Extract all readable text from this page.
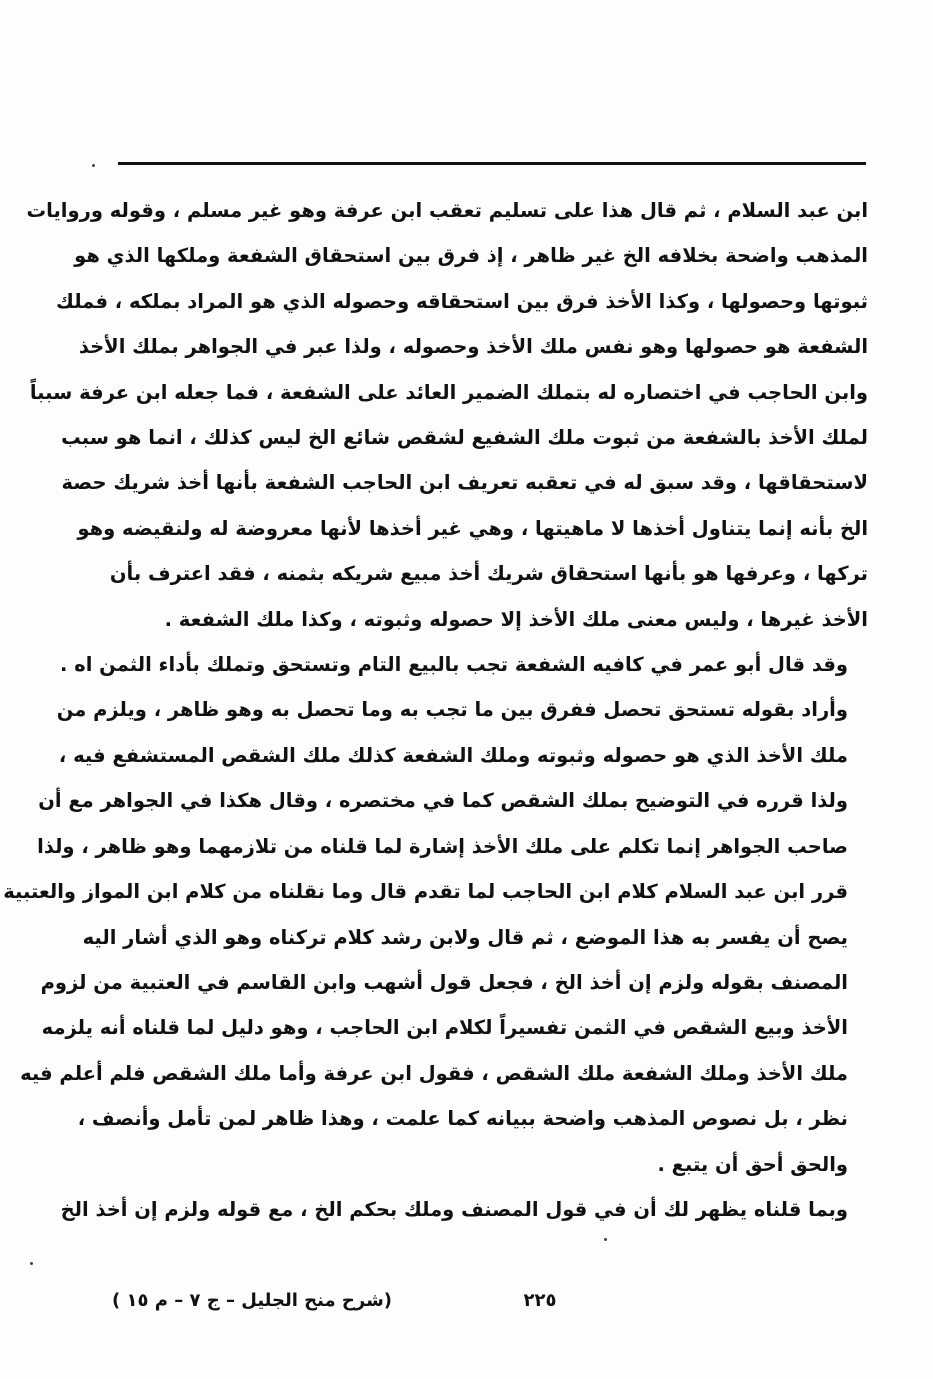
ابن عبد السلام ، ثم قال هذا على تسليم تعقب ابن عرفة وهو غير مسلم ، وقوله وروايات
المذهب واضحة بخلافه الخ غير ظاهر ، إذ فرق بين استحقاق الشفعة وملكها الذي هو
ثبوتها وحصولها ، وكذا الأخذ فرق بين استحقاقه وحصوله الذي هو المراد بملكه ، فملك
الشفعة هو حصولها وهو نفس ملك الأخذ وحصوله ، ولذا عبر في الجواهر بملك الأخذ
وابن الحاجب في اختصاره له بتملك الضمير العائد على الشفعة ، فما جعله ابن عرفة سبباً
لملك الأخذ بالشفعة من ثبوت ملك الشفيع لشقص شائع الخ ليس كذلك ، انما هو سبب
لاستحقاقها ، وقد سبق له في تعقبه تعريف ابن الحاجب الشفعة بأنها أخذ شريك حصة
الخ بأنه إنما يتناول أخذها لا ماهيتها ، وهي غير أخذها لأنها معروضة له ولنقيضه وهو
تركها ، وعرفها هو بأنها استحقاق شريك أخذ مبيع شريكه بثمنه ، فقد اعترف بأن
الأخذ غيرها ، وليس معنى ملك الأخذ إلا حصوله وثبوته ، وكذا ملك الشفعة .
وقد قال أبو عمر في كافيه الشفعة تجب بالبيع التام وتستحق وتملك بأداء الثمن اه .
وأراد بقوله تستحق تحصل ففرق بين ما تجب به وما تحصل به وهو ظاهر ، ويلزم من
ملك الأخذ الذي هو حصوله وثبوته وملك الشفعة كذلك ملك الشقص المستشفع فيه ،
ولذا قرره في التوضيح بملك الشقص كما في مختصره ، وقال هكذا في الجواهر مع أن
صاحب الجواهر إنما تكلم على ملك الأخذ إشارة لما قلناه من تلازمهما وهو ظاهر ، ولذا
قرر ابن عبد السلام كلام ابن الحاجب لما تقدم قال وما نقلناه من كلام ابن المواز والعتبية
يصح أن يفسر به هذا الموضع ، ثم قال ولابن رشد كلام تركناه وهو الذي أشار اليه
المصنف بقوله ولزم إن أخذ الخ ، فجعل قول أشهب وابن القاسم في العتبية من لزوم
الأخذ وبيع الشقص في الثمن تفسيراً لكلام ابن الحاجب ، وهو دليل لما قلناه أنه يلزمه
ملك الأخذ وملك الشفعة ملك الشقص ، فقول ابن عرفة وأما ملك الشقص فلم أعلم فيه
نظر ، بل نصوص المذهب واضحة ببيانه كما علمت ، وهذا ظاهر لمن تأمل وأنصف ،
والحق أحق أن يتبع .
وبما قلناه يظهر لك أن في قول المصنف وملك بحكم الخ ، مع قوله ولزم إن أخذ الخ
٢٢٥
(شرح منح الجليل – ج ٧ – م ١٥ )
